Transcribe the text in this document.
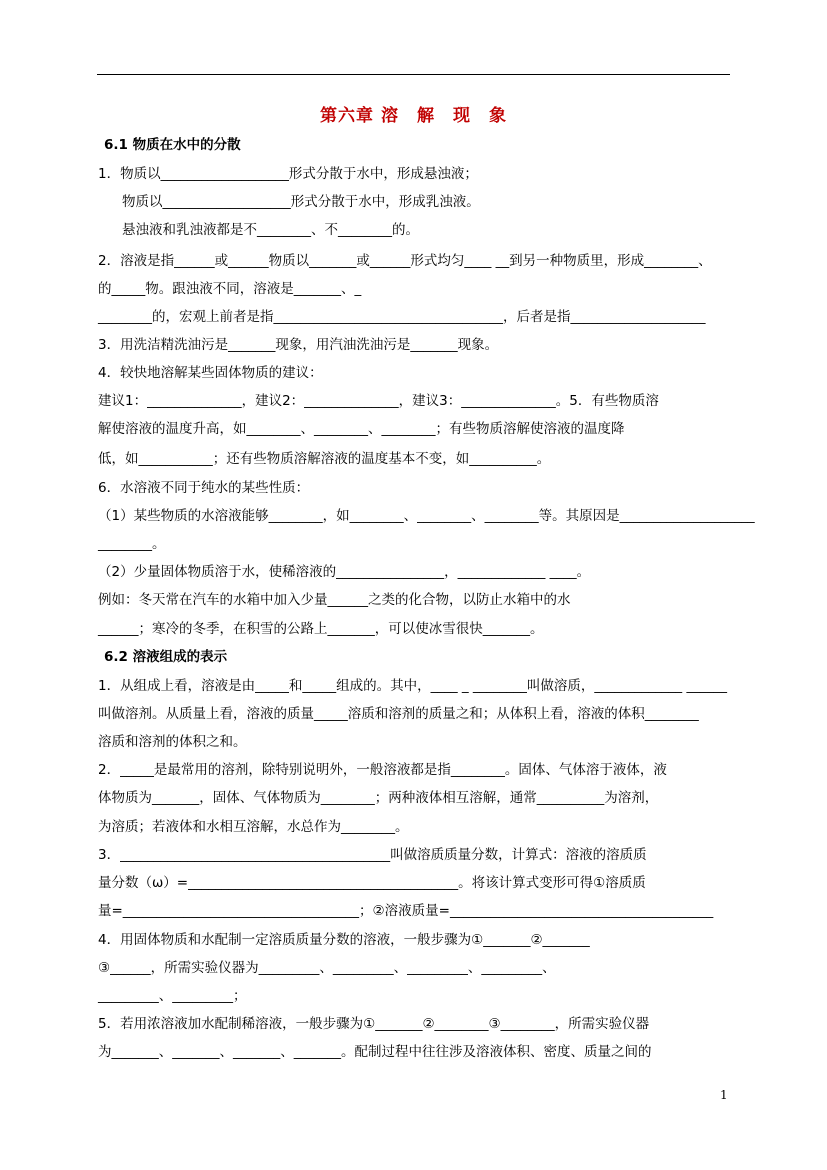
第六章 溶　解　现　象
6.1 物质在水中的分散
1．物质以___________________形式分散于水中，形成悬浊液；
物质以___________________形式分散于水中，形成乳浊液。
悬浊液和乳浊液都是不________、不________的。
2．溶液是指______或______物质以_______或______形式均匀____ __到另一种物质里，形成________、
的_____物。跟浊液不同，溶液是_______、_
________的，宏观上前者是指__________________________________，后者是指____________________
3．用洗洁精洗油污是_______现象，用汽油洗油污是_______现象。
4．较快地溶解某些固体物质的建议：
建议1：______________，建议2：______________，建议3：______________。5．有些物质溶
解使溶液的温度升高，如________、________、________；有些物质溶解使溶液的温度降
低，如___________；还有些物质溶解溶液的温度基本不变，如__________。
6．水溶液不同于纯水的某些性质：
（1）某些物质的水溶液能够________，如________、________、________等。其原因是____________________
________。
（2）少量固体物质溶于水，使稀溶液的________________，_____________ ____。
例如：冬天常在汽车的水箱中加入少量______之类的化合物，以防止水箱中的水
______；寒冷的冬季，在积雪的公路上_______，可以使冰雪很快_______。
6.2 溶液组成的表示
1．从组成上看，溶液是由_____和_____组成的。其中，____ _ ________叫做溶质，_____________ ______
叫做溶剂。从质量上看，溶液的质量_____溶质和溶剂的质量之和；从体积上看，溶液的体积________
溶质和溶剂的体积之和。
2．_____是最常用的溶剂，除特别说明外，一般溶液都是指________。固体、气体溶于液体，液
体物质为_______，固体、气体物质为________；两种液体相互溶解，通常__________为溶剂，
为溶质；若液体和水相互溶解，水总作为________。
3．________________________________________叫做溶质质量分数，计算式：溶液的溶质质
量分数（ω）=________________________________________。将该计算式变形可得①溶质质
量=___________________________________；②溶液质量=_______________________________________
4．用固体物质和水配制一定溶质质量分数的溶液，一般步骤为①_______②_______
③______，所需实验仪器为_________、_________、_________、_________、
_________、_________；
5．若用浓溶液加水配制稀溶液，一般步骤为①_______②________③________，所需实验仪器
为_______、_______、_______、_______。配制过程中往往涉及溶液体积、密度、质量之间的
1
